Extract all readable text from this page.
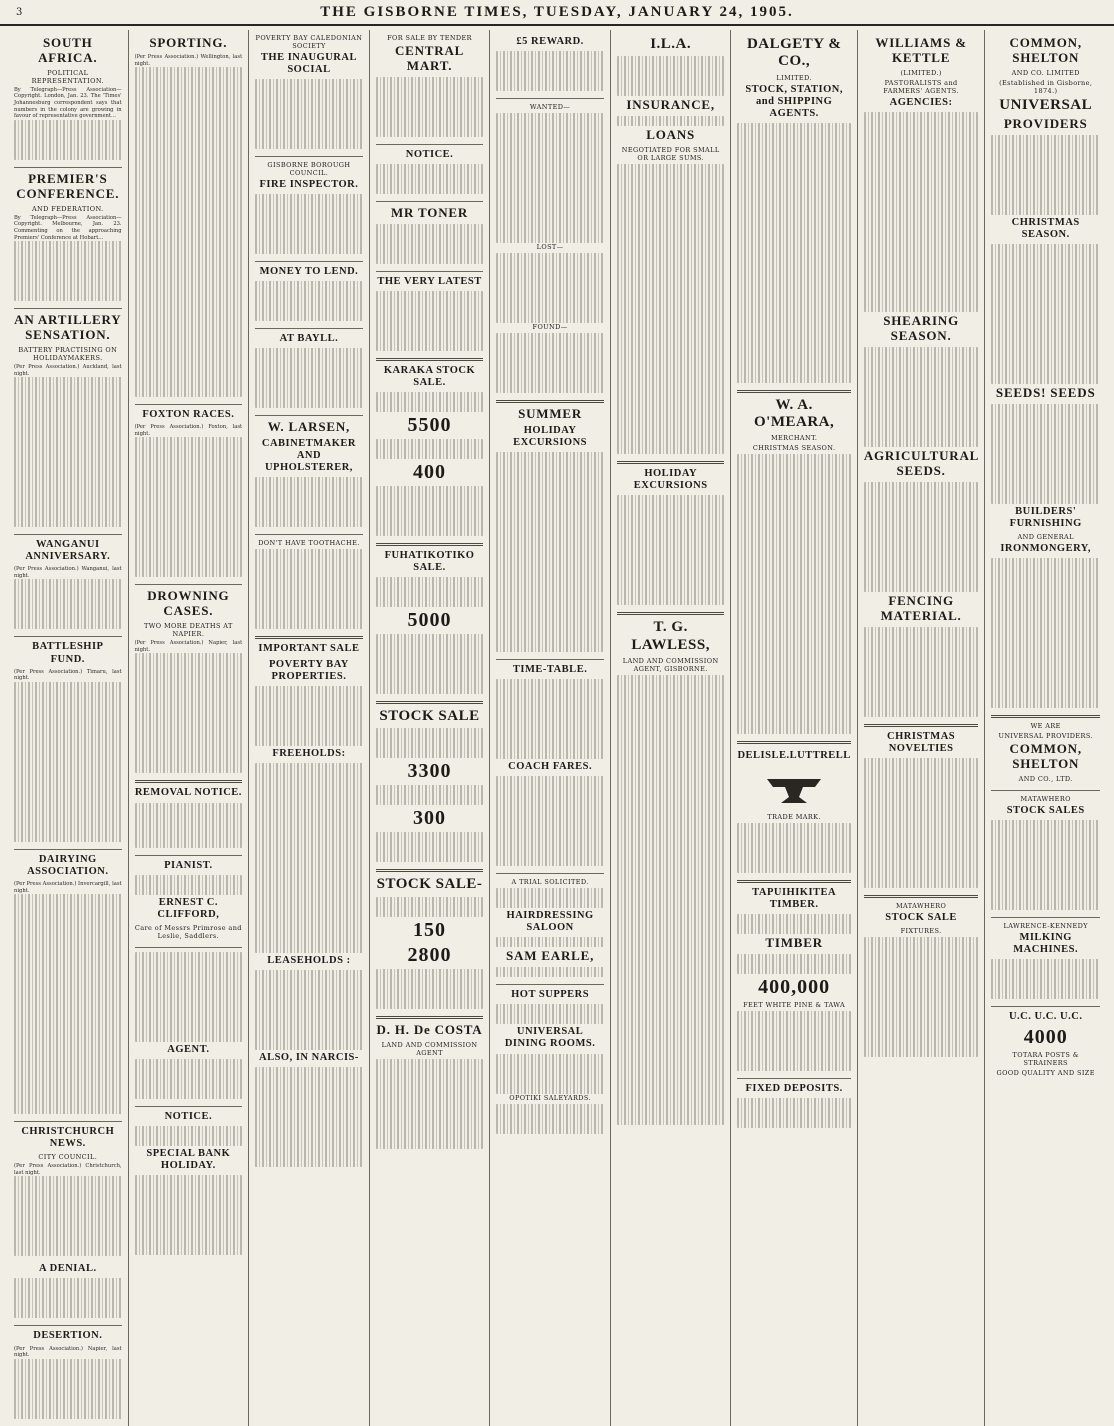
3	THE GISBORNE TIMES, TUESDAY, JANUARY 24, 1905.
SOUTH AFRICA.
POLITICAL REPRESENTATION.
By Telegraph—Press Association—Copyright. London, Jan. 23. The 'Times' Johannesburg correspondent says that numbers in the colony are growing in favour of representative government...
PREMIER'S CONFERENCE.
AND FEDERATION.
By Telegraph—Press Association—Copyright. Melbourne, Jan. 23. Commenting on the approaching Premiers' Conference at Hobart...
AN ARTILLERY SENSATION.
BATTERY PRACTISING ON HOLIDAYMAKERS.
(Per Press Association.) Auckland, last night.
WANGANUI ANNIVERSARY.
(Per Press Association.) Wanganui, last night.
BATTLESHIP FUND.
(Per Press Association.) Timaru, last night.
DAIRYING ASSOCIATION.
(Per Press Association.) Invercargill, last night.
CHRISTCHURCH NEWS.
CITY COUNCIL.
(Per Press Association.) Christchurch, last night.
A DENIAL.
DESERTION.
(Per Press Association.) Napier, last night.
SPORTING.
(Per Press Association.) Wellington, last night.
FOXTON RACES.
(Per Press Association.) Foxton, last night.
DROWNING CASES.
TWO MORE DEATHS AT NAPIER.
(Per Press Association.) Napier, last night.
REMOVAL NOTICE.
PIANIST.
ERNEST C. CLIFFORD,
Care of Messrs Primrose and Leslie, Saddlers.
AGENT.
NOTICE.
SPECIAL BANK HOLIDAY.
POVERTY BAY CALEDONIAN SOCIETY
THE INAUGURAL SOCIAL
GISBORNE BOROUGH COUNCIL.
FIRE INSPECTOR.
MONEY TO LEND.
AT BAYLL.
W. LARSEN,
CABINETMAKER AND UPHOLSTERER,
DON'T HAVE TOOTHACHE.
IMPORTANT SALE
POVERTY BAY PROPERTIES.
FREEHOLDS:
LEASEHOLDS :
ALSO, IN NARCIS-
FOR SALE BY TENDER
CENTRAL MART.
NOTICE.
MR TONER
THE VERY LATEST
KARAKA STOCK SALE.
5500
400
FUHATIKOTIKO SALE.
5000
STOCK SALE
3300
300
STOCK SALE-
150
2800
D. H. De COSTA
LAND AND COMMISSION AGENT
£5 REWARD.
WANTED—
LOST—
FOUND—
SUMMER
HOLIDAY EXCURSIONS
TIME-TABLE.
COACH FARES.
A TRIAL SOLICITED.
HAIRDRESSING SALOON
SAM EARLE,
HOT SUPPERS
UNIVERSAL DINING ROOMS.
OPOTIKI SALEYARDS.
I.L.A.
INSURANCE,
LOANS
NEGOTIATED FOR SMALL OR LARGE SUMS.
HOLIDAY EXCURSIONS
T. G. LAWLESS,
LAND AND COMMISSION AGENT, GISBORNE.
DALGETY & CO.,
LIMITED.
STOCK, STATION, and SHIPPING AGENTS.
W. A. O'MEARA,
MERCHANT.
CHRISTMAS SEASON.
DELISLE. LUTTRELL
TRADE MARK.
TAPUIHIKITEA TIMBER.
TIMBER
400,000
FEET WHITE PINE & TAWA
FIXED DEPOSITS.
WILLIAMS & KETTLE
(LIMITED.)
PASTORALISTS and FARMERS' AGENTS.
AGENCIES:
SHEARING SEASON.
AGRICULTURAL SEEDS.
FENCING MATERIAL.
CHRISTMAS NOVELTIES
MATAWHERO
STOCK SALE
FIXTURES.
COMMON, SHELTON
AND CO. LIMITED
(Established in Gisborne, 1874.)
UNIVERSAL
PROVIDERS
CHRISTMAS SEASON.
SEEDS! SEEDS
BUILDERS' FURNISHING
AND GENERAL
IRONMONGERY,
WE ARE
UNIVERSAL PROVIDERS.
COMMON, SHELTON
AND CO., LTD.
MATAWHERO
STOCK SALES
LAWRENCE-KENNEDY
MILKING MACHINES.
U.C. U.C. U.C.
4000
TOTARA POSTS & STRAINERS
GOOD QUALITY AND SIZE
